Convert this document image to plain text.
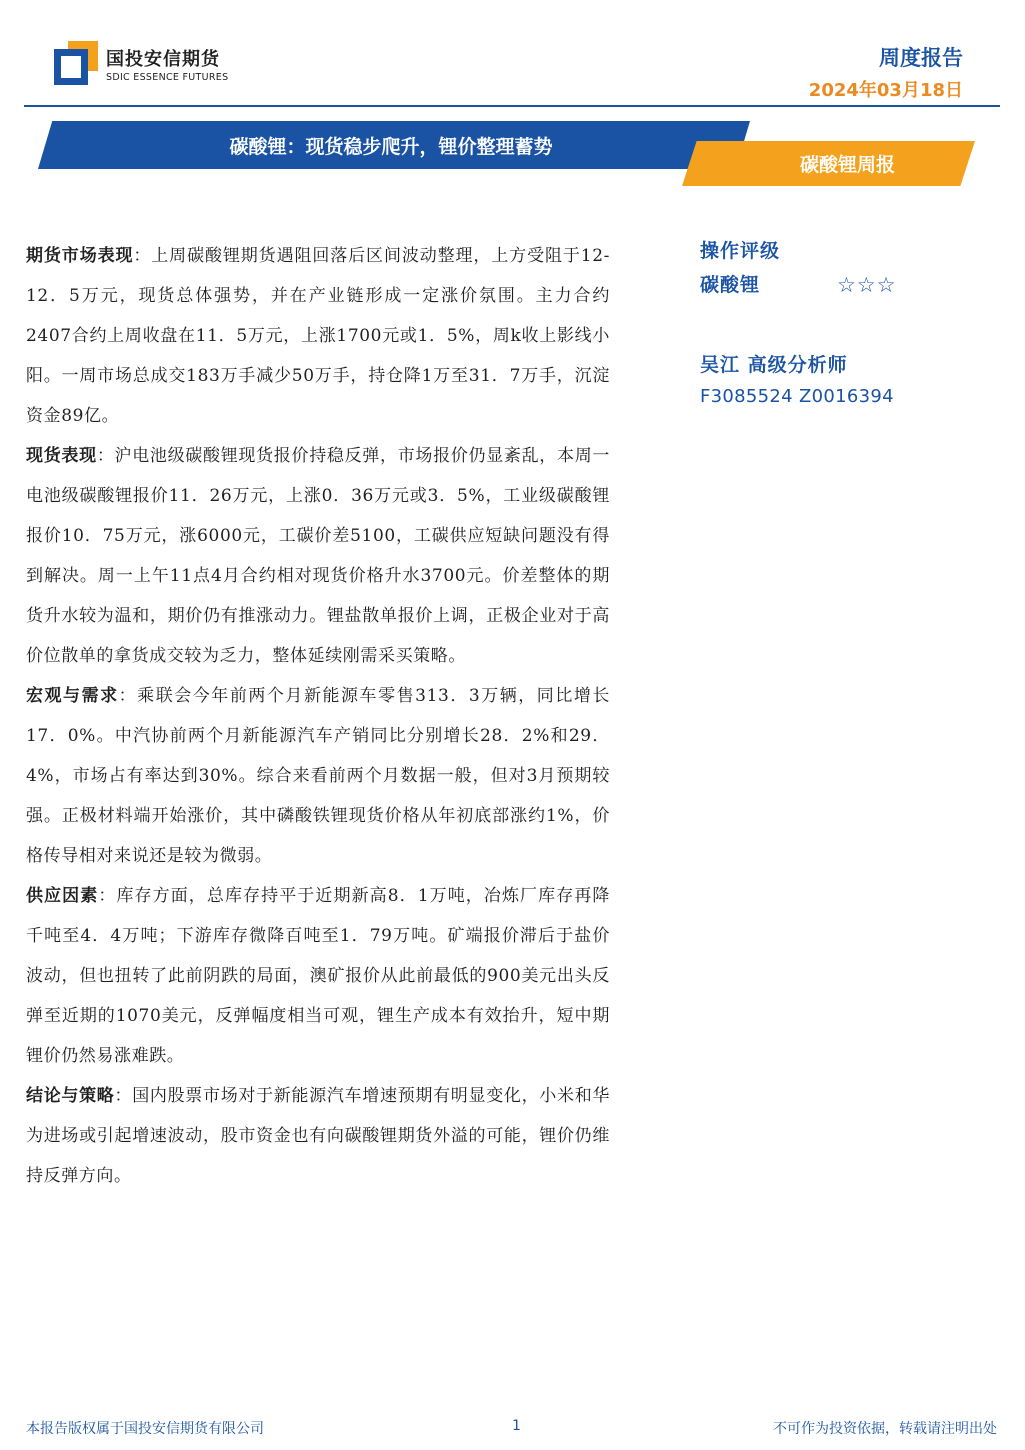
国投安信期货
SDIC ESSENCE FUTURES
周度报告
2024年03月18日
碳酸锂：现货稳步爬升，锂价整理蓄势
碳酸锂周报

期货市场表现：上周碳酸锂期货遇阻回落后区间波动整理，上方受阻于12-12．5万元，现货总体强势，并在产业链形成一定涨价氛围。主力合约2407合约上周收盘在11．5万元，上涨1700元或1．5%，周k收上影线小阳。一周市场总成交183万手减少50万手，持仓降1万至31．7万手，沉淀资金89亿。

现货表现：沪电池级碳酸锂现货报价持稳反弹，市场报价仍显紊乱，本周一电池级碳酸锂报价11．26万元，上涨0．36万元或3．5%，工业级碳酸锂报价10．75万元，涨6000元，工碳价差5100，工碳供应短缺问题没有得到解决。周一上午11点4月合约相对现货价格升水3700元。价差整体的期货升水较为温和，期价仍有推涨动力。锂盐散单报价上调，正极企业对于高价位散单的拿货成交较为乏力，整体延续刚需采买策略。

宏观与需求：乘联会今年前两个月新能源车零售313．3万辆，同比增长17．0%。中汽协前两个月新能源汽车产销同比分别增长28．2%和29．4%，市场占有率达到30%。综合来看前两个月数据一般，但对3月预期较强。正极材料端开始涨价，其中磷酸铁锂现货价格从年初底部涨约1%，价格传导相对来说还是较为微弱。

供应因素：库存方面，总库存持平于近期新高8．1万吨，冶炼厂库存再降千吨至4．4万吨；下游库存微降百吨至1．79万吨。矿端报价滞后于盐价波动，但也扭转了此前阴跌的局面，澳矿报价从此前最低的900美元出头反弹至近期的1070美元，反弹幅度相当可观，锂生产成本有效抬升，短中期锂价仍然易涨难跌。

结论与策略：国内股票市场对于新能源汽车增速预期有明显变化，小米和华为进场或引起增速波动，股市资金也有向碳酸锂期货外溢的可能，锂价仍维持反弹方向。

操作评级
碳酸锂	☆☆☆
吴江 高级分析师
F3085524 Z0016394
本报告版权属于国投安信期货有限公司	1	不可作为投资依据，转载请注明出处
